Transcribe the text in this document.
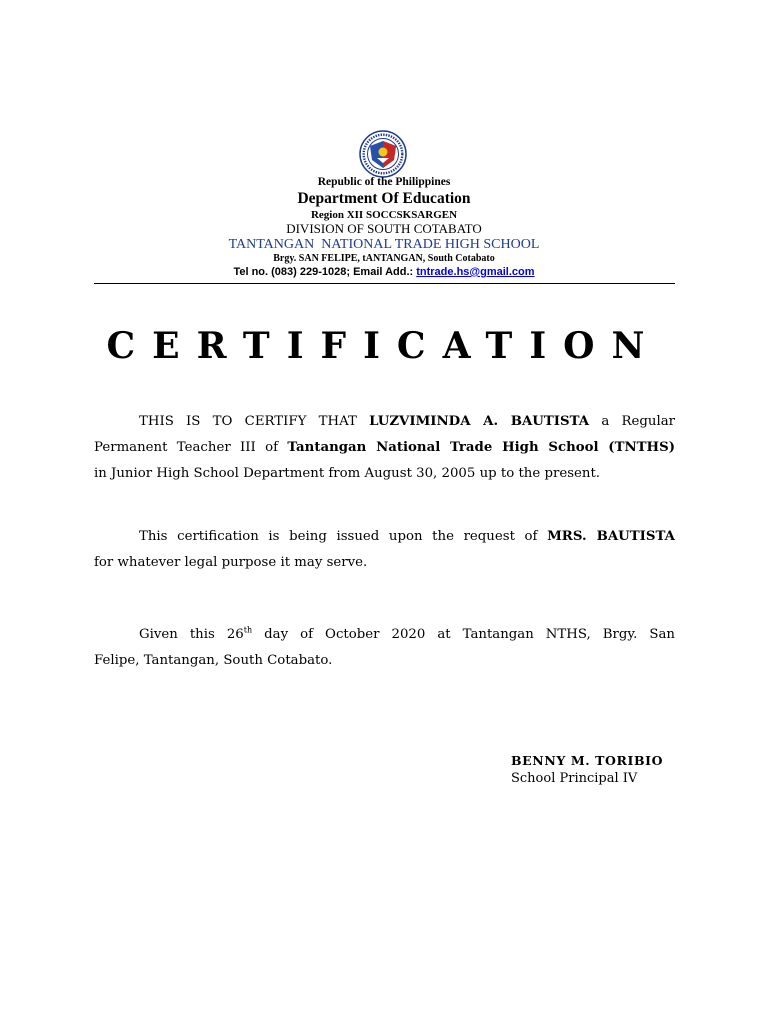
Republic of the Philippines
Department Of Education
Region XII SOCCSKSARGEN
DIVISION OF SOUTH COTABATO
TANTANGAN  NATIONAL TRADE HIGH SCHOOL
Brgy. SAN FELIPE, tANTANGAN, South Cotabato
Tel no. (083) 229-1028; Email Add.: tntrade.hs@gmail.com
CERTIFICATION
THIS IS TO CERTIFY THAT LUZVIMINDA A. BAUTISTA a Regular
Permanent Teacher III of Tantangan National Trade High School (TNTHS)
in Junior High School Department from August 30, 2005 up to the present.
This certification is being issued upon the request of MRS. BAUTISTA
for whatever legal purpose it may serve.
Given this 26th day of October 2020 at Tantangan NTHS, Brgy. San
Felipe, Tantangan, South Cotabato.
BENNY M. TORIBIO
School Principal IV
